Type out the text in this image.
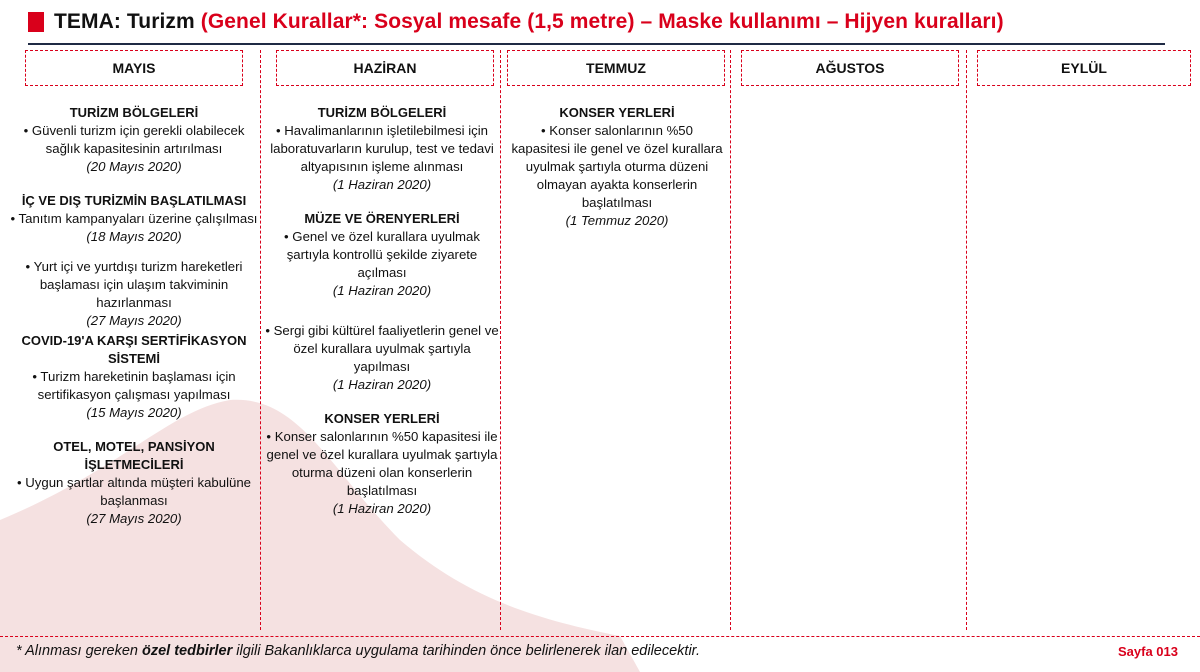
TEMA: Turizm (Genel Kurallar*: Sosyal mesafe (1,5 metre) – Maske kullanımı – Hijyen kuralları)
MAYIS
TURİZM BÖLGELERİ
• Güvenli turizm için gerekli olabilecek sağlık kapasitesinin artırılması
(20 Mayıs 2020)
İÇ VE DIŞ TURİZMİN BAŞLATILMASI
• Tanıtım kampanyaları üzerine çalışılması
(18 Mayıs 2020)
• Yurt içi ve yurtdışı turizm hareketleri başlaması için ulaşım takviminin hazırlanması
(27 Mayıs 2020)
COVID-19'A KARŞI SERTİFİKASYON SİSTEMİ
• Turizm hareketinin başlaması için sertifikasyon çalışması yapılması
(15 Mayıs 2020)
OTEL, MOTEL, PANSİYON İŞLETMECİLERİ
• Uygun şartlar altında müşteri kabulüne başlanması
(27 Mayıs 2020)
HAZİRAN
TURİZM BÖLGELERİ
• Havalimanlarının işletilebilmesi için laboratuvarların kurulup, test ve tedavi altyapısının işleme alınması
(1 Haziran 2020)
MÜZE VE ÖRENYERLERİ
• Genel ve özel kurallara uyulmak şartıyla kontrollü şekilde ziyarete açılması
(1 Haziran 2020)
• Sergi gibi kültürel faaliyetlerin genel ve özel kurallara uyulmak şartıyla yapılması
(1 Haziran 2020)
KONSER YERLERİ
• Konser salonlarının %50 kapasitesi ile genel ve özel kurallara uyulmak şartıyla oturma düzeni olan konserlerin başlatılması
(1 Haziran 2020)
TEMMUZ
KONSER YERLERİ
• Konser salonlarının %50 kapasitesi ile genel ve özel kurallara uyulmak şartıyla oturma düzeni olmayan ayakta konserlerin başlatılması
(1 Temmuz 2020)
AĞUSTOS	EYLÜL
* Alınması gereken özel tedbirler ilgili Bakanlıklarca uygulama tarihinden önce belirlenerek ilan edilecektir.	Sayfa 013
